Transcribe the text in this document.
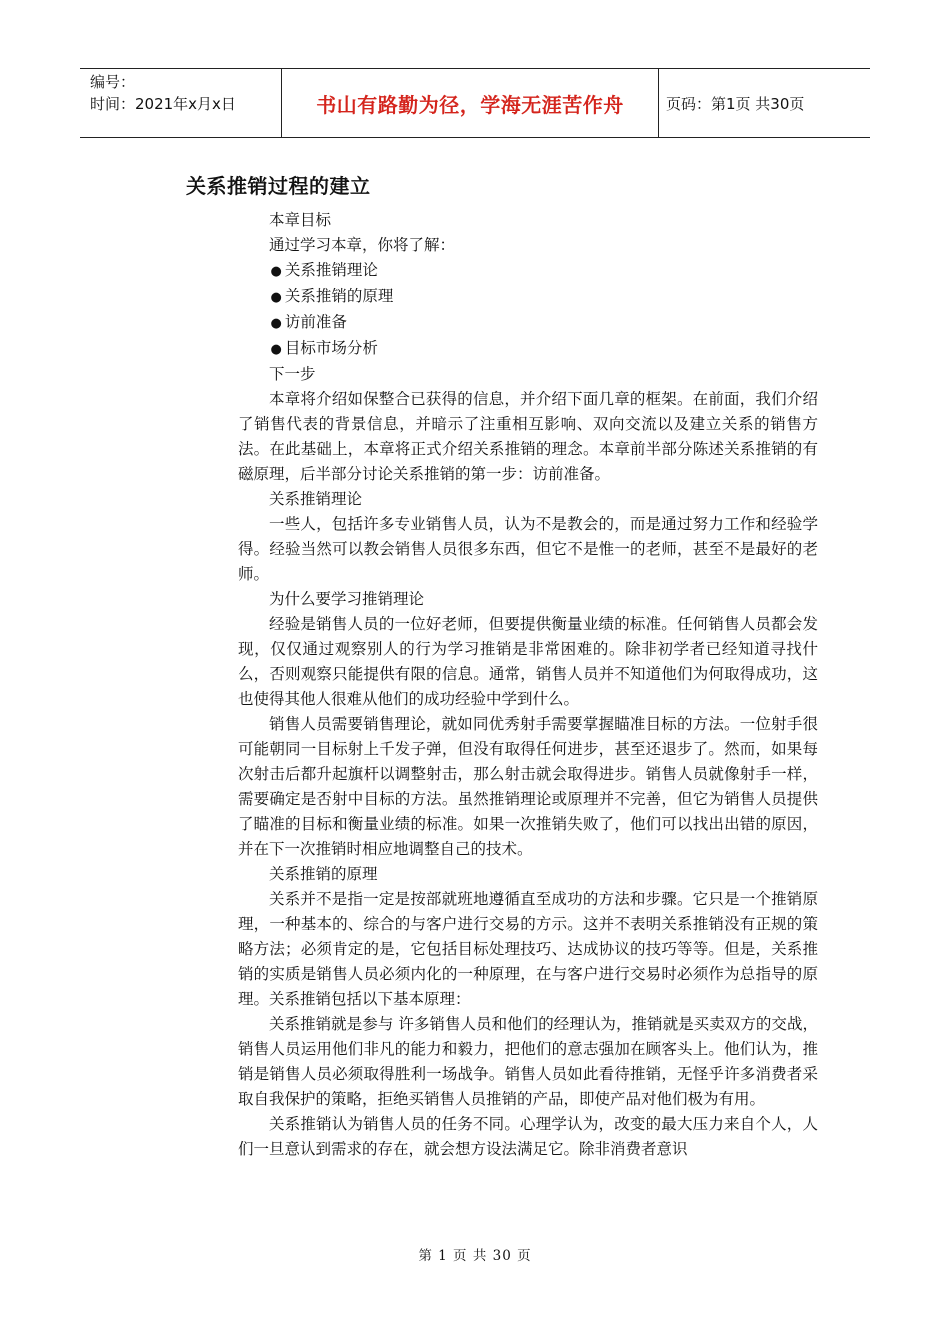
编号：
时间：2021年x月x日	书山有路勤为径，学海无涯苦作舟	页码：第1页 共30页
关系推销过程的建立
本章目标
通过学习本章，你将了解：
● 关系推销理论
● 关系推销的原理
● 访前准备
● 目标市场分析
下一步

本章将介绍如保整合已获得的信息，并介绍下面几章的框架。在前面，我们介绍了销售代表的背景信息，并暗示了注重相互影响、双向交流以及建立关系的销售方法。在此基础上，本章将正式介绍关系推销的理念。本章前半部分陈述关系推销的有磁原理，后半部分讨论关系推销的第一步：访前准备。

关系推销理论

一些人，包括许多专业销售人员，认为不是教会的，而是通过努力工作和经验学得。经验当然可以教会销售人员很多东西，但它不是惟一的老师，甚至不是最好的老师。

为什么要学习推销理论

经验是销售人员的一位好老师，但要提供衡量业绩的标准。任何销售人员都会发现，仅仅通过观察别人的行为学习推销是非常困难的。除非初学者已经知道寻找什么，否则观察只能提供有限的信息。通常，销售人员并不知道他们为何取得成功，这也使得其他人很难从他们的成功经验中学到什么。

销售人员需要销售理论，就如同优秀射手需要掌握瞄准目标的方法。一位射手很可能朝同一目标射上千发子弹，但没有取得任何进步，甚至还退步了。然而，如果每次射击后都升起旗杆以调整射击，那么射击就会取得进步。销售人员就像射手一样，需要确定是否射中目标的方法。虽然推销理论或原理并不完善，但它为销售人员提供了瞄准的目标和衡量业绩的标准。如果一次推销失败了，他们可以找出出错的原因，并在下一次推销时相应地调整自己的技术。

关系推销的原理

关系并不是指一定是按部就班地遵循直至成功的方法和步骤。它只是一个推销原理，一种基本的、综合的与客户进行交易的方示。这并不表明关系推销没有正规的策略方法；必须肯定的是，它包括目标处理技巧、达成协议的技巧等等。但是，关系推销的实质是销售人员必须内化的一种原理，在与客户进行交易时必须作为总指导的原理。关系推销包括以下基本原理：

关系推销就是参与 许多销售人员和他们的经理认为，推销就是买卖双方的交战，销售人员运用他们非凡的能力和毅力，把他们的意志强加在顾客头上。他们认为，推销是销售人员必须取得胜利一场战争。销售人员如此看待推销，无怪乎许多消费者采取自我保护的策略，拒绝买销售人员推销的产品，即使产品对他们极为有用。

关系推销认为销售人员的任务不同。心理学认为，改变的最大压力来自个人，人们一旦意认到需求的存在，就会想方设法满足它。除非消费者意识

第 1 页 共 30 页
